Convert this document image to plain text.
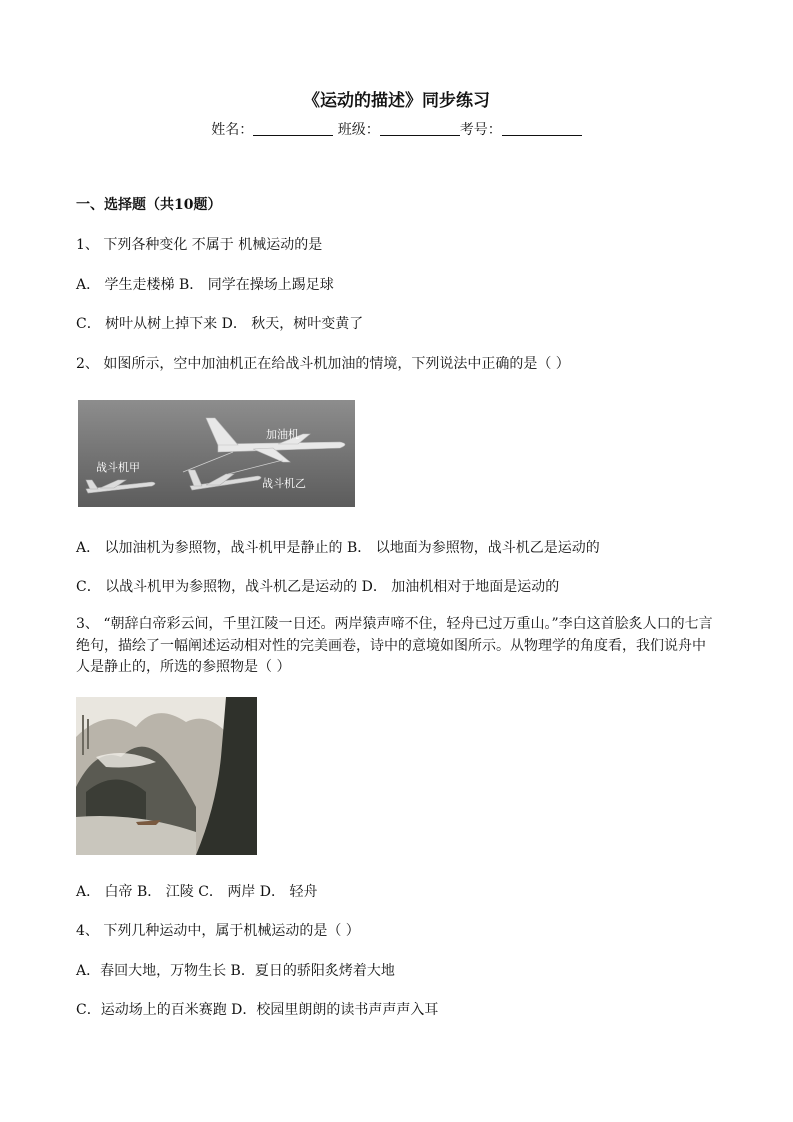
《运动的描述》同步练习
姓名：	班级：	考号：
一、选择题（共10题）
1、 下列各种变化 不属于 机械运动的是
A． 学生走楼梯 B． 同学在操场上踢足球
C． 树叶从树上掉下来 D． 秋天，树叶变黄了
2、 如图所示，空中加油机正在给战斗机加油的情境，下列说法中正确的是（ ）
加油机
战斗机甲
战斗机乙
A． 以加油机为参照物，战斗机甲是静止的 B． 以地面为参照物，战斗机乙是运动的
C． 以战斗机甲为参照物，战斗机乙是运动的 D． 加油机相对于地面是运动的
3、 “朝辞白帝彩云间，千里江陵一日还。两岸猿声啼不住，轻舟已过万重山。”李白这首脍炙人口的七言绝句，描绘了一幅阐述运动相对性的完美画卷，诗中的意境如图所示。从物理学的角度看，我们说舟中人是静止的，所选的参照物是（ ）
A． 白帝 B． 江陵 C． 两岸 D． 轻舟
4、 下列几种运动中，属于机械运动的是（ ）
A．春回大地，万物生长 B．夏日的骄阳炙烤着大地
C．运动场上的百米赛跑 D．校园里朗朗的读书声声声入耳
